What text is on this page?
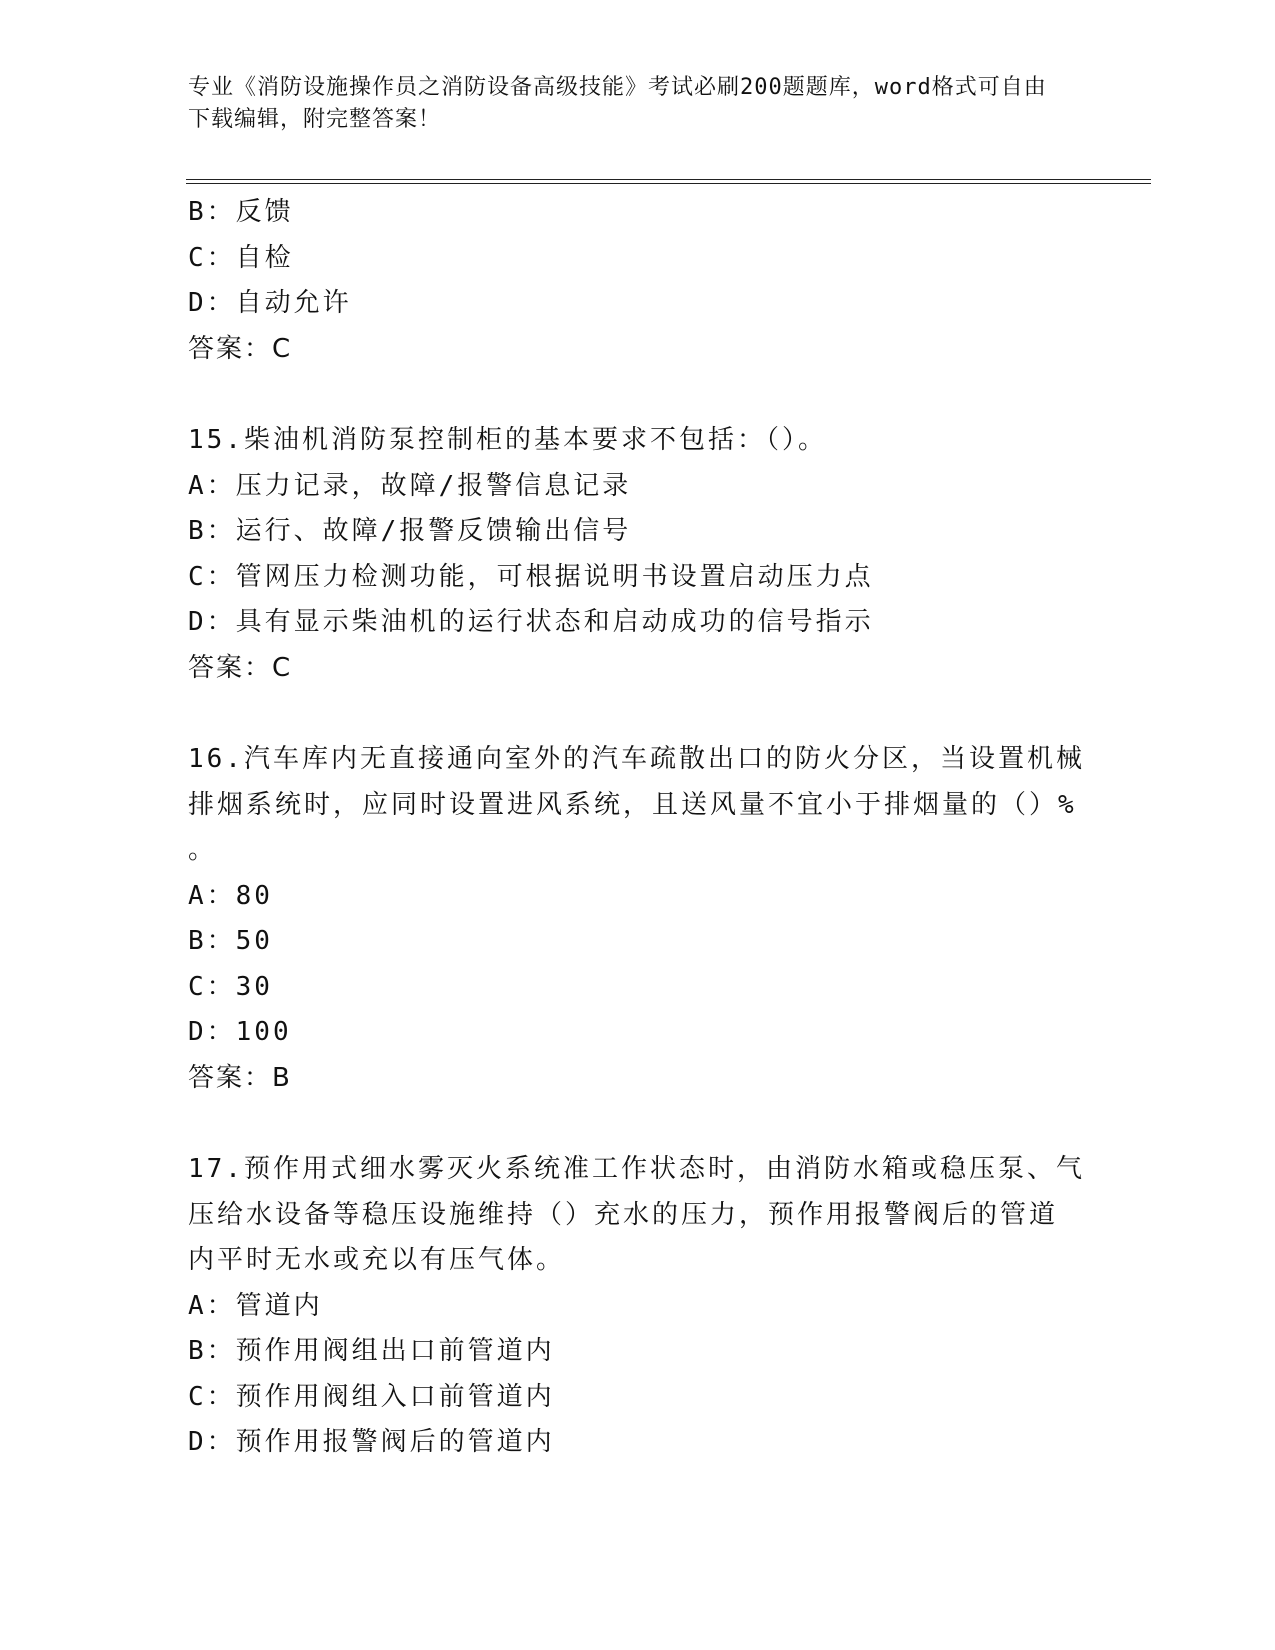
专业《消防设施操作员之消防设备高级技能》考试必刷200题题库，word格式可自由下载编辑，附完整答案！
B：反馈
C：自检
D：自动允许
答案：C
15.柴油机消防泵控制柜的基本要求不包括：（）。
A：压力记录，故障/报警信息记录
B：运行、故障/报警反馈输出信号
C：管网压力检测功能，可根据说明书设置启动压力点
D：具有显示柴油机的运行状态和启动成功的信号指示
答案：C
16.汽车库内无直接通向室外的汽车疏散出口的防火分区，当设置机械
排烟系统时，应同时设置进风系统，且送风量不宜小于排烟量的（）%
。
A：80
B：50
C：30
D：100
答案：B
17.预作用式细水雾灭火系统准工作状态时，由消防水箱或稳压泵、气
压给水设备等稳压设施维持（）充水的压力，预作用报警阀后的管道
内平时无水或充以有压气体。
A：管道内
B：预作用阀组出口前管道内
C：预作用阀组入口前管道内
D：预作用报警阀后的管道内
